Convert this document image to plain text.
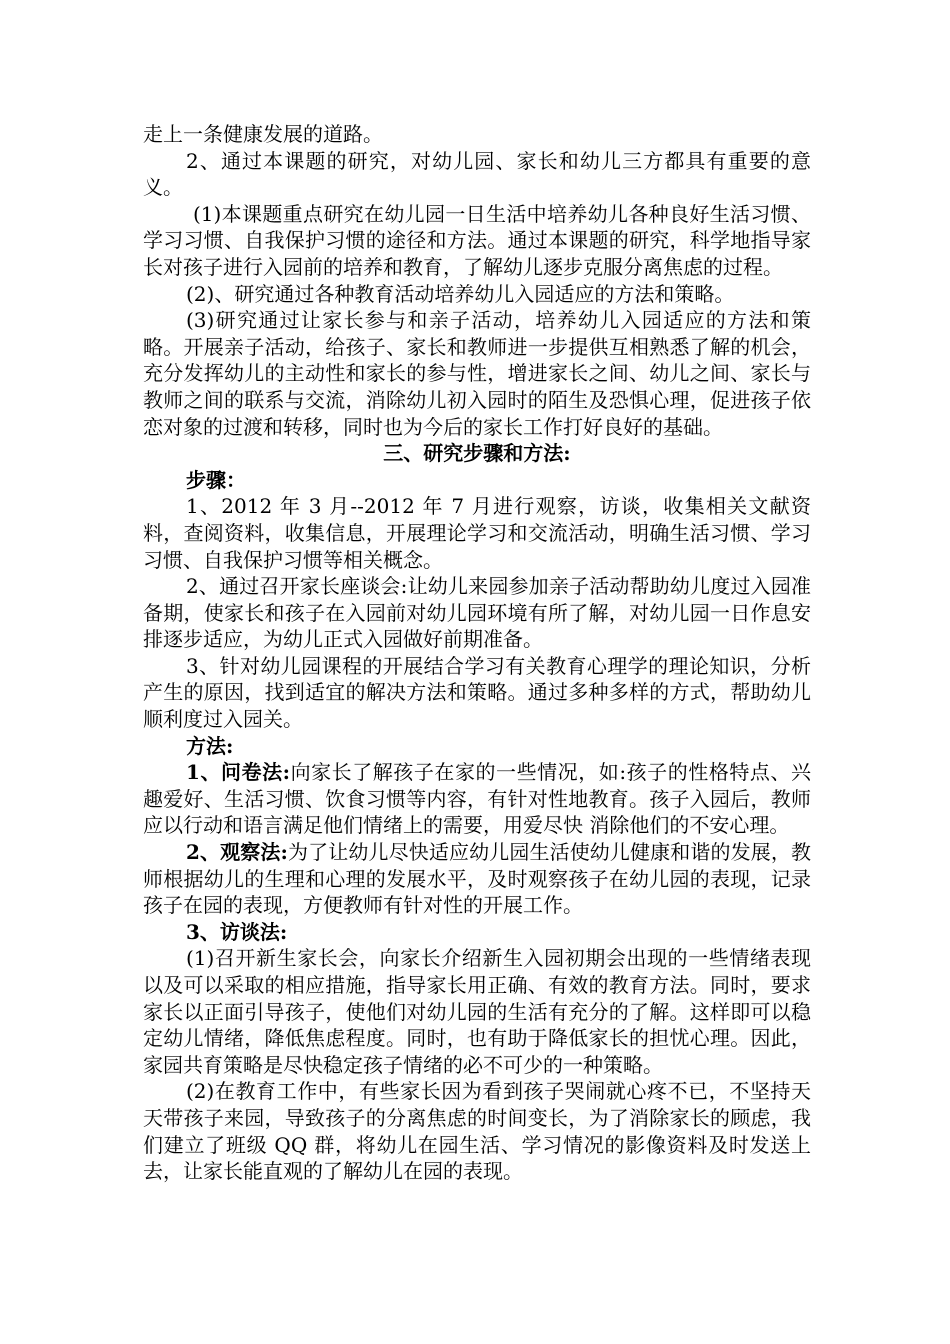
走上一条健康发展的道路。

2、通过本课题的研究，对幼儿园、家长和幼儿三方都具有重要的意义。

(1)本课题重点研究在幼儿园一日生活中培养幼儿各种良好生活习惯、学习习惯、自我保护习惯的途径和方法。通过本课题的研究，科学地指导家长对孩子进行入园前的培养和教育，了解幼儿逐步克服分离焦虑的过程。

(2)、研究通过各种教育活动培养幼儿入园适应的方法和策略。

(3)研究通过让家长参与和亲子活动，培养幼儿入园适应的方法和策略。开展亲子活动，给孩子、家长和教师进一步提供互相熟悉了解的机会，充分发挥幼儿的主动性和家长的参与性，增进家长之间、幼儿之间、家长与教师之间的联系与交流，消除幼儿初入园时的陌生及恐惧心理，促进孩子依恋对象的过渡和转移，同时也为今后的家长工作打好良好的基础。

三、研究步骤和方法:

步骤：

1、2012 年 3 月--2012 年 7 月进行观察，访谈，收集相关文献资料，查阅资料，收集信息，开展理论学习和交流活动，明确生活习惯、学习习惯、自我保护习惯等相关概念。

2、通过召开家长座谈会:让幼儿来园参加亲子活动帮助幼儿度过入园准备期，使家长和孩子在入园前对幼儿园环境有所了解，对幼儿园一日作息安排逐步适应，为幼儿正式入园做好前期准备。

3、针对幼儿园课程的开展结合学习有关教育心理学的理论知识，分析产生的原因，找到适宜的解决方法和策略。通过多种多样的方式，帮助幼儿顺利度过入园关。

方法:

1、问卷法:向家长了解孩子在家的一些情况，如:孩子的性格特点、兴趣爱好、生活习惯、饮食习惯等内容，有针对性地教育。孩子入园后，教师应以行动和语言满足他们情绪上的需要，用爱尽快 消除他们的不安心理。

2、观察法:为了让幼儿尽快适应幼儿园生活使幼儿健康和谐的发展，教师根据幼儿的生理和心理的发展水平，及时观察孩子在幼儿园的表现，记录孩子在园的表现，方便教师有针对性的开展工作。

3、访谈法:

(1)召开新生家长会，向家长介绍新生入园初期会出现的一些情绪表现以及可以采取的相应措施，指导家长用正确、有效的教育方法。同时，要求家长以正面引导孩子，使他们对幼儿园的生活有充分的了解。这样即可以稳定幼儿情绪，降低焦虑程度。同时，也有助于降低家长的担忧心理。因此，家园共育策略是尽快稳定孩子情绪的必不可少的一种策略。

(2)在教育工作中，有些家长因为看到孩子哭闹就心疼不已，不坚持天天带孩子来园，导致孩子的分离焦虑的时间变长，为了消除家长的顾虑，我们建立了班级 QQ 群，将幼儿在园生活、学习情况的影像资料及时发送上去，让家长能直观的了解幼儿在园的表现。
